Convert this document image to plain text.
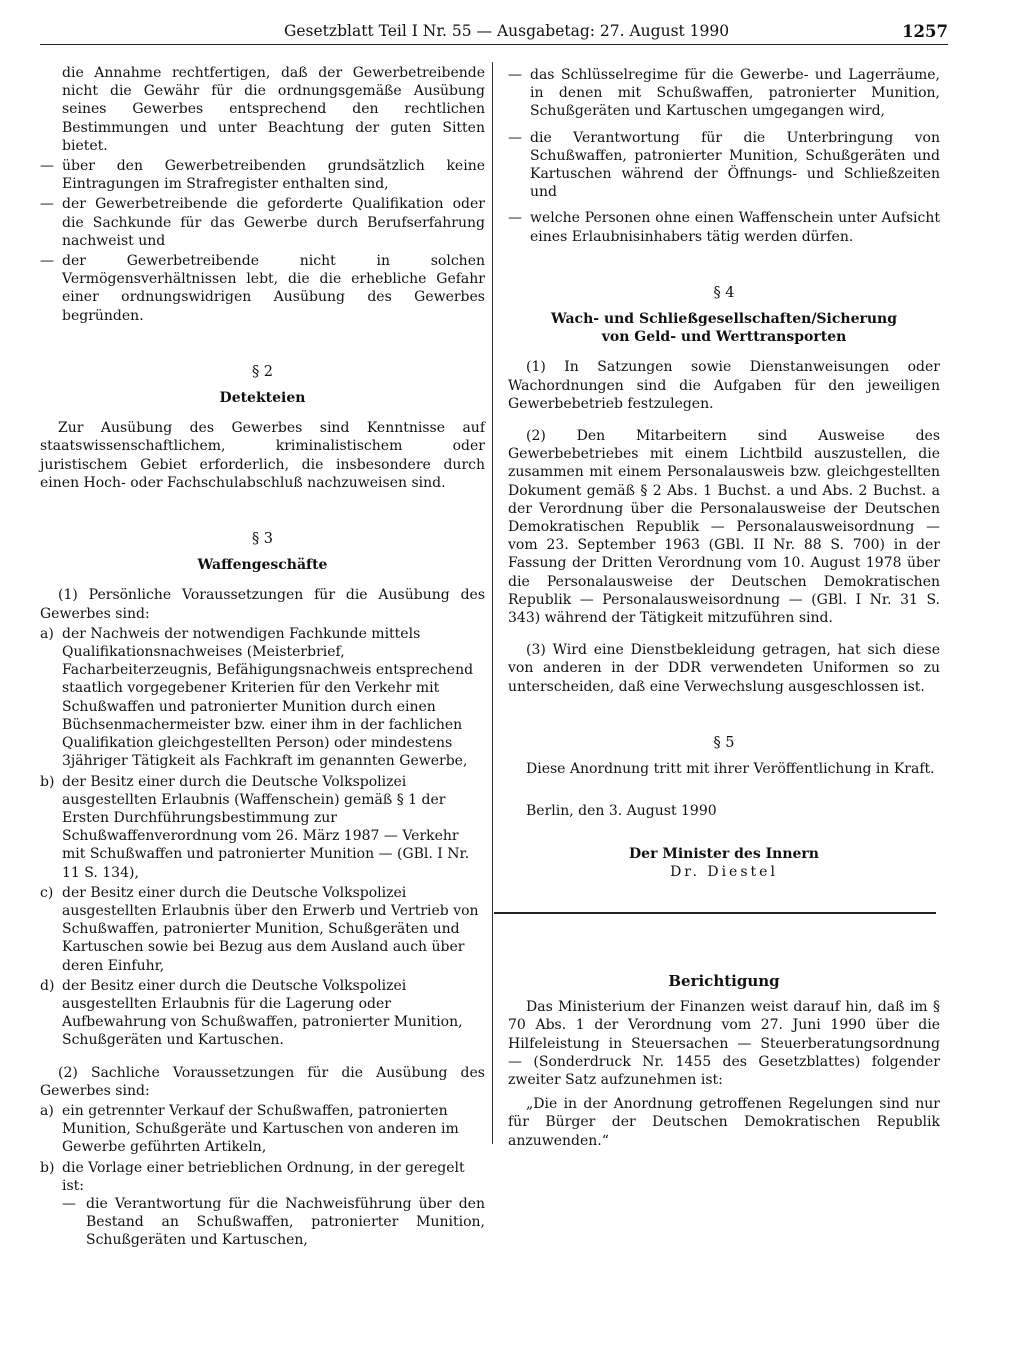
Gesetzblatt Teil I Nr. 55 — Ausgabetag: 27. August 1990	1257

die Annahme rechtfertigen, daß der Gewerbetreibende nicht die Gewähr für die ordnungsgemäße Ausübung seines Gewerbes entsprechend den rechtlichen Bestimmungen und unter Beachtung der guten Sitten bietet.

— über den Gewerbetreibenden grundsätzlich keine Eintragungen im Strafregister enthalten sind,

— der Gewerbetreibende die geforderte Qualifikation oder die Sachkunde für das Gewerbe durch Berufserfahrung nachweist und

— der Gewerbetreibende nicht in solchen Vermögensverhältnissen lebt, die die erhebliche Gefahr einer ordnungswidrigen Ausübung des Gewerbes begründen.

§ 2
Detekteien

Zur Ausübung des Gewerbes sind Kenntnisse auf staatswissenschaftlichem, kriminalistischem oder juristischem Gebiet erforderlich, die insbesondere durch einen Hoch- oder Fachschulabschluß nachzuweisen sind.

§ 3
Waffengeschäfte

(1) Persönliche Voraussetzungen für die Ausübung des Gewerbes sind:

a) der Nachweis der notwendigen Fachkunde mittels Qualifikationsnachweises (Meisterbrief, Facharbeiterzeugnis, Befähigungsnachweis entsprechend staatlich vorgegebener Kriterien für den Verkehr mit Schußwaffen und patronierter Munition durch einen Büchsenmachermeister bzw. einer ihm in der fachlichen Qualifikation gleichgestellten Person) oder mindestens 3jähriger Tätigkeit als Fachkraft im genannten Gewerbe,
b) der Besitz einer durch die Deutsche Volkspolizei ausgestellten Erlaubnis (Waffenschein) gemäß § 1 der Ersten Durchführungsbestimmung zur Schußwaffenverordnung vom 26. März 1987 — Verkehr mit Schußwaffen und patronierter Munition — (GBl. I Nr. 11 S. 134),
c) der Besitz einer durch die Deutsche Volkspolizei ausgestellten Erlaubnis über den Erwerb und Vertrieb von Schußwaffen, patronierter Munition, Schußgeräten und Kartuschen sowie bei Bezug aus dem Ausland auch über deren Einfuhr,
d) der Besitz einer durch die Deutsche Volkspolizei ausgestellten Erlaubnis für die Lagerung oder Aufbewahrung von Schußwaffen, patronierter Munition, Schußgeräten und Kartuschen.

(2) Sachliche Voraussetzungen für die Ausübung des Gewerbes sind:

a) ein getrennter Verkauf der Schußwaffen, patronierten Munition, Schußgeräte und Kartuschen von anderen im Gewerbe geführten Artikeln,
b) die Vorlage einer betrieblichen Ordnung, in der geregelt ist:

— die Verantwortung für die Nachweisführung über den Bestand an Schußwaffen, patronierter Munition, Schußgeräten und Kartuschen,

— das Schlüsselregime für die Gewerbe- und Lagerräume, in denen mit Schußwaffen, patronierter Munition, Schußgeräten und Kartuschen umgegangen wird,

— die Verantwortung für die Unterbringung von Schußwaffen, patronierter Munition, Schußgeräten und Kartuschen während der Öffnungs- und Schließzeiten und

— welche Personen ohne einen Waffenschein unter Aufsicht eines Erlaubnisinhabers tätig werden dürfen.

§ 4
Wach- und Schließgesellschaften/Sicherung
von Geld- und Werttransporten

(1) In Satzungen sowie Dienstanweisungen oder Wachordnungen sind die Aufgaben für den jeweiligen Gewerbebetrieb festzulegen.

(2) Den Mitarbeitern sind Ausweise des Gewerbebetriebes mit einem Lichtbild auszustellen, die zusammen mit einem Personalausweis bzw. gleichgestellten Dokument gemäß § 2 Abs. 1 Buchst. a und Abs. 2 Buchst. a der Verordnung über die Personalausweise der Deutschen Demokratischen Republik — Personalausweisordnung — vom 23. September 1963 (GBl. II Nr. 88 S. 700) in der Fassung der Dritten Verordnung vom 10. August 1978 über die Personalausweise der Deutschen Demokratischen Republik — Personalausweisordnung — (GBl. I Nr. 31 S. 343) während der Tätigkeit mitzuführen sind.

(3) Wird eine Dienstbekleidung getragen, hat sich diese von anderen in der DDR verwendeten Uniformen so zu unterscheiden, daß eine Verwechslung ausgeschlossen ist.

§ 5

Diese Anordnung tritt mit ihrer Veröffentlichung in Kraft.

Berlin, den 3. August 1990

Der Minister des Innern
Dr. Diestel
Berichtigung

Das Ministerium der Finanzen weist darauf hin, daß im § 70 Abs. 1 der Verordnung vom 27. Juni 1990 über die Hilfeleistung in Steuersachen — Steuerberatungsordnung — (Sonderdruck Nr. 1455 des Gesetzblattes) folgender zweiter Satz aufzunehmen ist:

„Die in der Anordnung getroffenen Regelungen sind nur für Bürger der Deutschen Demokratischen Republik anzuwenden.“
